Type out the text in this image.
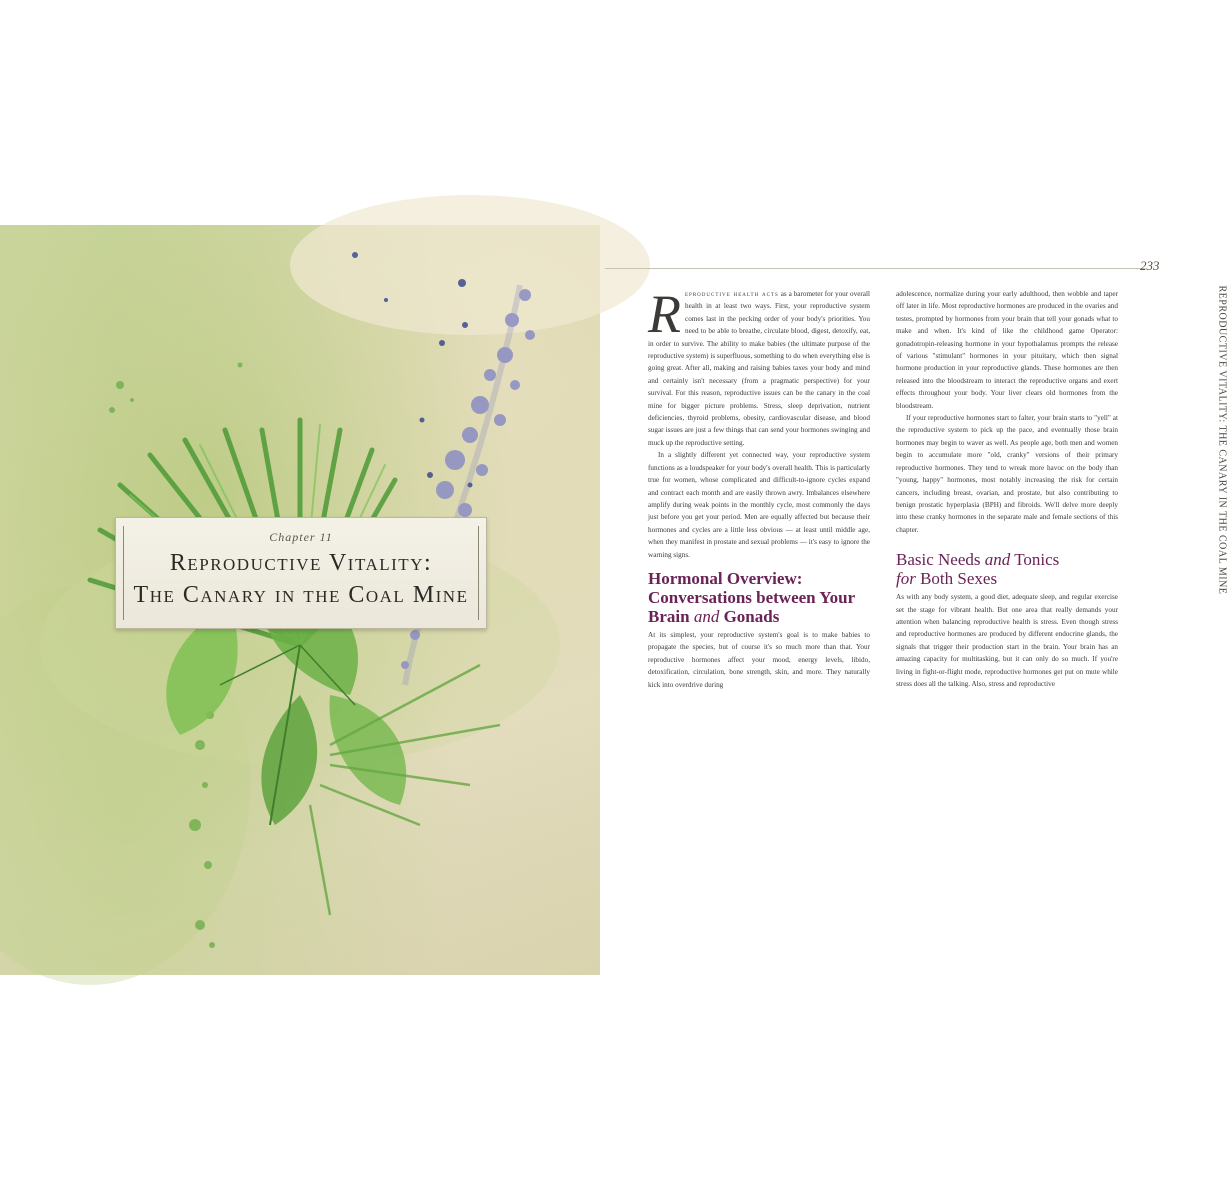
Chapter 11
Reproductive Vitality:
The Canary in the Coal Mine
233
REPRODUCTIVE VITALITY: THE CANARY IN THE COAL MINE

Reproductive health acts as a barometer for your overall health in at least two ways. First, your reproductive system comes last in the pecking order of your body's priorities. You need to be able to breathe, circulate blood, digest, detoxify, eat, in order to survive. The ability to make babies (the ultimate purpose of the reproductive system) is superfluous, something to do when everything else is going great. After all, making and raising babies taxes your body and mind and certainly isn't necessary (from a pragmatic perspective) for your survival. For this reason, reproductive issues can be the canary in the coal mine for bigger picture problems. Stress, sleep deprivation, nutrient deficiencies, thyroid problems, obesity, cardiovascular disease, and blood sugar issues are just a few things that can send your hormones swinging and muck up the reproductive setting.

In a slightly different yet connected way, your reproductive system functions as a loudspeaker for your body's overall health. This is particularly true for women, whose complicated and difficult-to-ignore cycles expand and contract each month and are easily thrown awry. Imbalances elsewhere amplify during weak points in the monthly cycle, most commonly the days just before you get your period. Men are equally affected but because their hormones and cycles are a little less obvious — at least until middle age, when they manifest in prostate and sexual problems — it's easy to ignore the warning signs.

Hormonal Overview: Conversations between Your Brain and Gonads

At its simplest, your reproductive system's goal is to make babies to propagate the species, but of course it's so much more than that. Your reproductive hormones affect your mood, energy levels, libido, detoxification, circulation, bone strength, skin, and more. They naturally kick into overdrive during

adolescence, normalize during your early adulthood, then wobble and taper off later in life. Most reproductive hormones are produced in the ovaries and testes, prompted by hormones from your brain that tell your gonads what to make and when. It's kind of like the childhood game Operator: gonadotropin-releasing hormone in your hypothalamus prompts the release of various "stimulant" hormones in your pituitary, which then signal hormone production in your reproductive glands. These hormones are then released into the bloodstream to interact the reproductive organs and exert effects throughout your body. Your liver clears old hormones from the bloodstream.

If your reproductive hormones start to falter, your brain starts to "yell" at the reproductive system to pick up the pace, and eventually those brain hormones may begin to waver as well. As people age, both men and women begin to accumulate more "old, cranky" versions of their primary reproductive hormones. They tend to wreak more havoc on the body than "young, happy" hormones, most notably increasing the risk for certain cancers, including breast, ovarian, and prostate, but also contributing to benign prostatic hyperplasia (BPH) and fibroids. We'll delve more deeply into these cranky hormones in the separate male and female sections of this chapter.

Basic Needs and Tonics
for Both Sexes

As with any body system, a good diet, adequate sleep, and regular exercise set the stage for vibrant health. But one area that really demands your attention when balancing reproductive health is stress. Even though stress and reproductive hormones are produced by different endocrine glands, the signals that trigger their production start in the brain. Your brain has an amazing capacity for multitasking, but it can only do so much. If you're living in fight-or-flight mode, reproductive hormones get put on mute while stress does all the talking. Also, stress and reproductive
